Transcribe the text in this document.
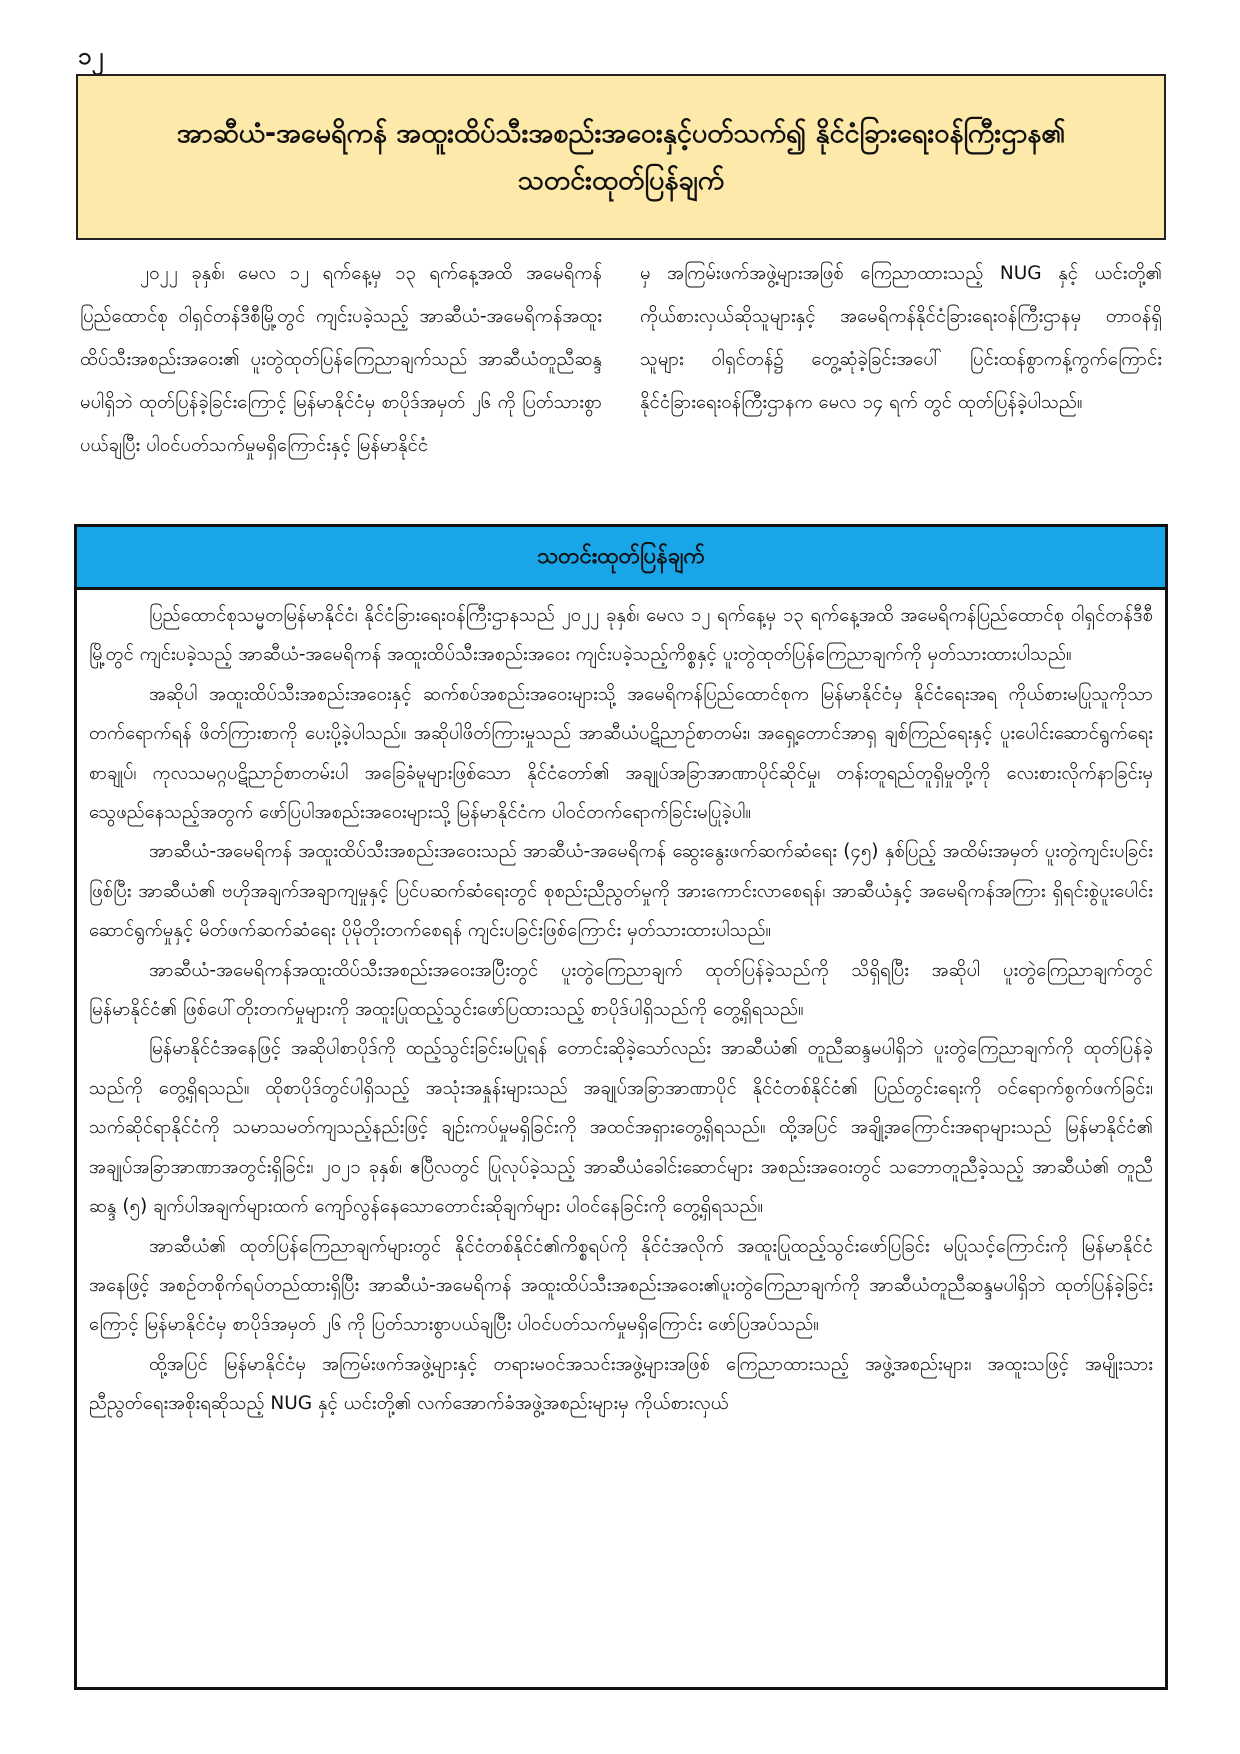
၁၂
အာဆီယံ-အမေရိကန် အထူးထိပ်သီးအစည်းအဝေးနှင့်ပတ်သက်၍ နိုင်ငံခြားရေးဝန်ကြီးဌာန၏
သတင်းထုတ်ပြန်ချက်

၂၀၂၂ ခုနှစ်၊ မေလ ၁၂ ရက်နေ့မှ ၁၃ ရက်နေ့အထိ အမေရိကန်ပြည်ထောင်စု ဝါရှင်တန်ဒီစီမြို့တွင် ကျင်းပခဲ့သည့် အာဆီယံ-အမေရိကန်အထူးထိပ်သီးအစည်းအဝေး၏ ပူးတွဲထုတ်ပြန်ကြေညာချက်သည် အာဆီယံတူညီဆန္ဒမပါရှိဘဲ ထုတ်ပြန်ခဲ့ခြင်းကြောင့် မြန်မာနိုင်ငံမှ စာပိုဒ်အမှတ် ၂၆ ကို ပြတ်သားစွာပယ်ချပြီး ပါဝင်ပတ်သက်မှုမရှိကြောင်းနှင့် မြန်မာနိုင်ငံ

မှ အကြမ်းဖက်အဖွဲ့များအဖြစ် ကြေညာထားသည့် NUG နှင့် ယင်းတို့၏ ကိုယ်စားလှယ်ဆိုသူများနှင့် အမေရိကန်နိုင်ငံခြားရေးဝန်ကြီးဌာနမှ တာဝန်ရှိသူများ ဝါရှင်တန်၌ တွေ့ဆုံခဲ့ခြင်းအပေါ် ပြင်းထန်စွာကန့်ကွက်ကြောင်း နိုင်ငံခြားရေးဝန်ကြီးဌာနက မေလ ၁၄ ရက် တွင် ထုတ်ပြန်ခဲ့ပါသည်။

သတင်းထုတ်ပြန်ချက်

ပြည်ထောင်စုသမ္မတမြန်မာနိုင်ငံ၊ နိုင်ငံခြားရေးဝန်ကြီးဌာနသည် ၂၀၂၂ ခုနှစ်၊ မေလ ၁၂ ရက်နေ့မှ ၁၃ ရက်နေ့အထိ အမေရိကန်ပြည်ထောင်စု ဝါရှင်တန်ဒီစီမြို့တွင် ကျင်းပခဲ့သည့် အာဆီယံ-အမေရိကန် အထူးထိပ်သီးအစည်းအဝေး ကျင်းပခဲ့သည့်ကိစ္စနှင့် ပူးတွဲထုတ်ပြန်ကြေညာချက်ကို မှတ်သားထားပါသည်။

အဆိုပါ အထူးထိပ်သီးအစည်းအဝေးနှင့် ဆက်စပ်အစည်းအဝေးများသို့ အမေရိကန်ပြည်ထောင်စုက မြန်မာနိုင်ငံမှ နိုင်ငံရေးအရ ကိုယ်စားမပြုသူကိုသာ တက်ရောက်ရန် ဖိတ်ကြားစာကို ပေးပို့ခဲ့ပါသည်။ အဆိုပါဖိတ်ကြားမှုသည် အာဆီယံပဋိညာဉ်စာတမ်း၊ အရှေ့တောင်အာရှ ချစ်ကြည်ရေးနှင့် ပူးပေါင်းဆောင်ရွက်ရေးစာချုပ်၊ ကုလသမဂ္ဂပဋိညာဉ်စာတမ်းပါ အခြေခံမူများဖြစ်သော နိုင်ငံတော်၏ အချုပ်အခြာအာဏာပိုင်ဆိုင်မှု၊ တန်းတူရည်တူရှိမှုတို့ကို လေးစားလိုက်နာခြင်းမှ သွေဖည်နေသည့်အတွက် ဖော်ပြပါအစည်းအဝေးများသို့ မြန်မာနိုင်ငံက ပါဝင်တက်ရောက်ခြင်းမပြုခဲ့ပါ။

အာဆီယံ-အမေရိကန် အထူးထိပ်သီးအစည်းအဝေးသည် အာဆီယံ-အမေရိကန် ဆွေးနွေးဖက်ဆက်ဆံရေး (၄၅) နှစ်ပြည့် အထိမ်းအမှတ် ပူးတွဲကျင်းပခြင်းဖြစ်ပြီး အာဆီယံ၏ ဗဟိုအချက်အချာကျမှုနှင့် ပြင်ပဆက်ဆံရေးတွင် စုစည်းညီညွတ်မှုကို အားကောင်းလာစေရန်၊ အာဆီယံနှင့် အမေရိကန်အကြား ရှိရင်းစွဲပူးပေါင်းဆောင်ရွက်မှုနှင့် မိတ်ဖက်ဆက်ဆံရေး ပိုမိုတိုးတက်စေရန် ကျင်းပခြင်းဖြစ်ကြောင်း မှတ်သားထားပါသည်။

အာဆီယံ-အမေရိကန်အထူးထိပ်သီးအစည်းအဝေးအပြီးတွင် ပူးတွဲကြေညာချက် ထုတ်ပြန်ခဲ့သည်ကို သိရှိရပြီး အဆိုပါ ပူးတွဲကြေညာချက်တွင် မြန်မာနိုင်ငံ၏ ဖြစ်ပေါ်တိုးတက်မှုများကို အထူးပြုထည့်သွင်းဖော်ပြထားသည့် စာပိုဒ်ပါရှိသည်ကို တွေ့ရှိရသည်။

မြန်မာနိုင်ငံအနေဖြင့် အဆိုပါစာပိုဒ်ကို ထည့်သွင်းခြင်းမပြုရန် တောင်းဆိုခဲ့သော်လည်း အာဆီယံ၏ တူညီဆန္ဒမပါရှိဘဲ ပူးတွဲကြေညာချက်ကို ထုတ်ပြန်ခဲ့သည်ကို တွေ့ရှိရသည်။ ထိုစာပိုဒ်တွင်ပါရှိသည့် အသုံးအနှုန်းများသည် အချုပ်အခြာအာဏာပိုင် နိုင်ငံတစ်နိုင်ငံ၏ ပြည်တွင်းရေးကို ဝင်ရောက်စွက်ဖက်ခြင်း၊ သက်ဆိုင်ရာနိုင်ငံကို သမာသမတ်ကျသည့်နည်းဖြင့် ချဉ်းကပ်မှုမရှိခြင်းကို အထင်အရှားတွေ့ရှိရသည်။ ထို့အပြင် အချို့အကြောင်းအရာများသည် မြန်မာနိုင်ငံ၏ အချုပ်အခြာအာဏာအတွင်းရှိခြင်း၊ ၂၀၂၁ ခုနှစ်၊ ဧပြီလတွင် ပြုလုပ်ခဲ့သည့် အာဆီယံခေါင်းဆောင်များ အစည်းအဝေးတွင် သဘောတူညီခဲ့သည့် အာဆီယံ၏ တူညီဆန္ဒ (၅) ချက်ပါအချက်များထက် ကျော်လွန်နေသောတောင်းဆိုချက်များ ပါဝင်နေခြင်းကို တွေ့ရှိရသည်။

အာဆီယံ၏ ထုတ်ပြန်ကြေညာချက်များတွင် နိုင်ငံတစ်နိုင်ငံ၏ကိစ္စရပ်ကို နိုင်ငံအလိုက် အထူးပြုထည့်သွင်းဖော်ပြခြင်း မပြုသင့်ကြောင်းကို မြန်မာနိုင်ငံအနေဖြင့် အစဉ်တစိုက်ရပ်တည်ထားရှိပြီး အာဆီယံ-အမေရိကန် အထူးထိပ်သီးအစည်းအဝေး၏ပူးတွဲကြေညာချက်ကို အာဆီယံတူညီဆန္ဒမပါရှိဘဲ ထုတ်ပြန်ခဲ့ခြင်းကြောင့် မြန်မာနိုင်ငံမှ စာပိုဒ်အမှတ် ၂၆ ကို ပြတ်သားစွာပယ်ချပြီး ပါဝင်ပတ်သက်မှုမရှိကြောင်း ဖော်ပြအပ်သည်။

ထို့အပြင် မြန်မာနိုင်ငံမှ အကြမ်းဖက်အဖွဲ့များနှင့် တရားမဝင်အသင်းအဖွဲ့များအဖြစ် ကြေညာထားသည့် အဖွဲ့အစည်းများ၊ အထူးသဖြင့် အမျိုးသားညီညွတ်ရေးအစိုးရဆိုသည့် NUG နှင့် ယင်းတို့၏ လက်အောက်ခံအဖွဲ့အစည်းများမှ ကိုယ်စားလှယ်
